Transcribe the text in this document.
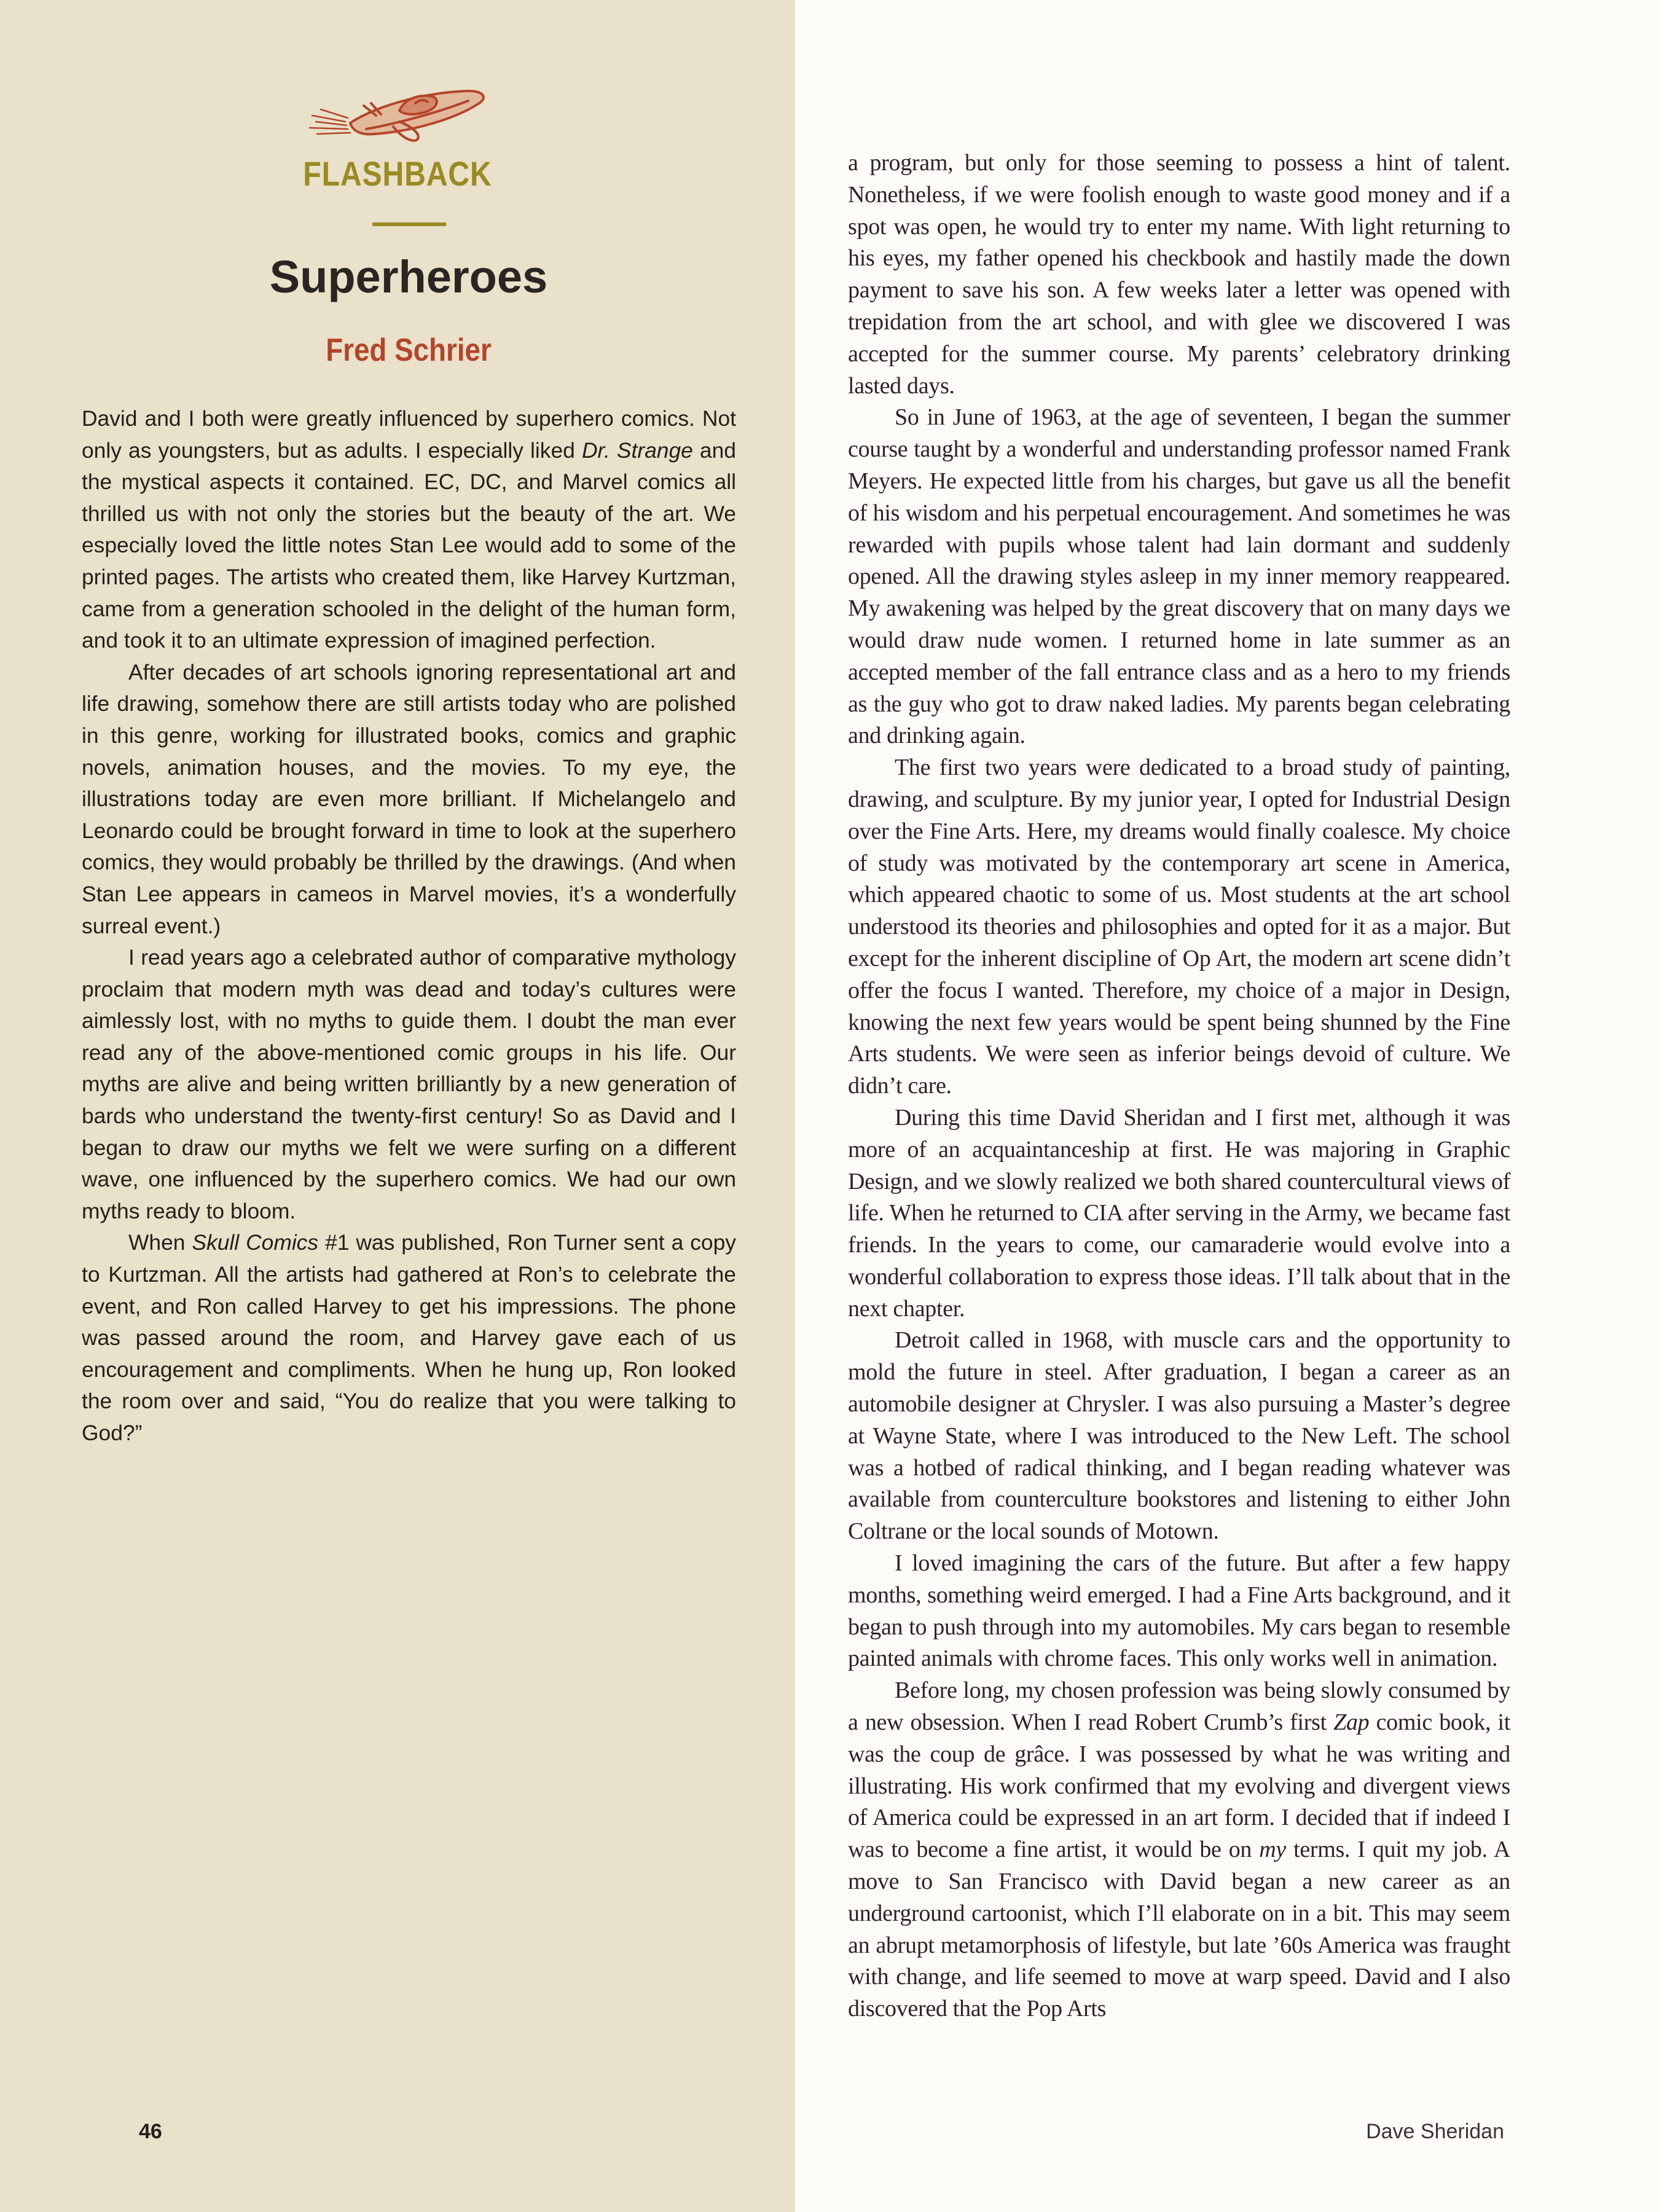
FLASHBACK
Superheroes
Fred Schrier

David and I both were greatly influenced by superhero comics. Not only as youngsters, but as adults. I especially liked Dr. Strange and the mystical aspects it contained. EC, DC, and Marvel comics all thrilled us with not only the stories but the beauty of the art. We especially loved the little notes Stan Lee would add to some of the printed pages. The artists who created them, like Harvey Kurtzman, came from a generation schooled in the delight of the human form, and took it to an ultimate expression of imagined perfection.

After decades of art schools ignoring representational art and life drawing, somehow there are still artists today who are polished in this genre, working for illustrated books, comics and graphic novels, animation houses, and the movies. To my eye, the illustrations today are even more brilliant. If Michelangelo and Leonardo could be brought forward in time to look at the superhero comics, they would probably be thrilled by the drawings. (And when Stan Lee appears in cameos in Marvel movies, it’s a wonderfully surreal event.)

I read years ago a celebrated author of comparative mythology proclaim that modern myth was dead and today’s cultures were aimlessly lost, with no myths to guide them. I doubt the man ever read any of the above-mentioned comic groups in his life. Our myths are alive and being written brilliantly by a new generation of bards who understand the twenty-first century! So as David and I began to draw our myths we felt we were surfing on a different wave, one influenced by the superhero comics. We had our own myths ready to bloom.

When Skull Comics #1 was published, Ron Turner sent a copy to Kurtzman. All the artists had gathered at Ron’s to celebrate the event, and Ron called Harvey to get his impressions. The phone was passed around the room, and Harvey gave each of us encouragement and compliments. When he hung up, Ron looked the room over and said, “You do realize that you were talking to God?”

a program, but only for those seeming to possess a hint of talent. Nonetheless, if we were foolish enough to waste good money and if a spot was open, he would try to enter my name. With light returning to his eyes, my father opened his checkbook and hastily made the down payment to save his son. A few weeks later a letter was opened with trepidation from the art school, and with glee we discovered I was accepted for the summer course. My parents’ celebratory drinking lasted days.

So in June of 1963, at the age of seventeen, I began the summer course taught by a wonderful and understanding professor named Frank Meyers. He expected little from his charges, but gave us all the benefit of his wisdom and his perpetual encouragement. And sometimes he was rewarded with pupils whose talent had lain dormant and suddenly opened. All the drawing styles asleep in my inner memory reappeared. My awakening was helped by the great discovery that on many days we would draw nude women. I returned home in late summer as an accepted member of the fall entrance class and as a hero to my friends as the guy who got to draw naked ladies. My parents began celebrating and drinking again.

The first two years were dedicated to a broad study of painting, drawing, and sculpture. By my junior year, I opted for Industrial Design over the Fine Arts. Here, my dreams would finally coalesce. My choice of study was motivated by the contemporary art scene in America, which appeared chaotic to some of us. Most students at the art school understood its theories and philosophies and opted for it as a major. But except for the inherent discipline of Op Art, the modern art scene didn’t offer the focus I wanted. Therefore, my choice of a major in Design, knowing the next few years would be spent being shunned by the Fine Arts students. We were seen as inferior beings devoid of culture. We didn’t care.

During this time David Sheridan and I first met, although it was more of an acquaintanceship at first. He was majoring in Graphic Design, and we slowly realized we both shared countercultural views of life. When he returned to CIA after serving in the Army, we became fast friends. In the years to come, our camaraderie would evolve into a wonderful collaboration to express those ideas. I’ll talk about that in the next chapter.

Detroit called in 1968, with muscle cars and the opportunity to mold the future in steel. After graduation, I began a career as an automobile designer at Chrysler. I was also pursuing a Master’s degree at Wayne State, where I was introduced to the New Left. The school was a hotbed of radical thinking, and I began reading whatever was available from counterculture bookstores and listening to either John Coltrane or the local sounds of Motown.

I loved imagining the cars of the future. But after a few happy months, something weird emerged. I had a Fine Arts background, and it began to push through into my automobiles. My cars began to resemble painted animals with chrome faces. This only works well in animation.

Before long, my chosen profession was being slowly consumed by a new obsession. When I read Robert Crumb’s first Zap comic book, it was the coup de grâce. I was possessed by what he was writing and illustrating. His work confirmed that my evolving and divergent views of America could be expressed in an art form. I decided that if indeed I was to become a fine artist, it would be on my terms. I quit my job. A move to San Francisco with David began a new career as an underground cartoonist, which I’ll elaborate on in a bit. This may seem an abrupt metamorphosis of lifestyle, but late ’60s America was fraught with change, and life seemed to move at warp speed. David and I also discovered that the Pop Arts

46	Dave Sheridan
